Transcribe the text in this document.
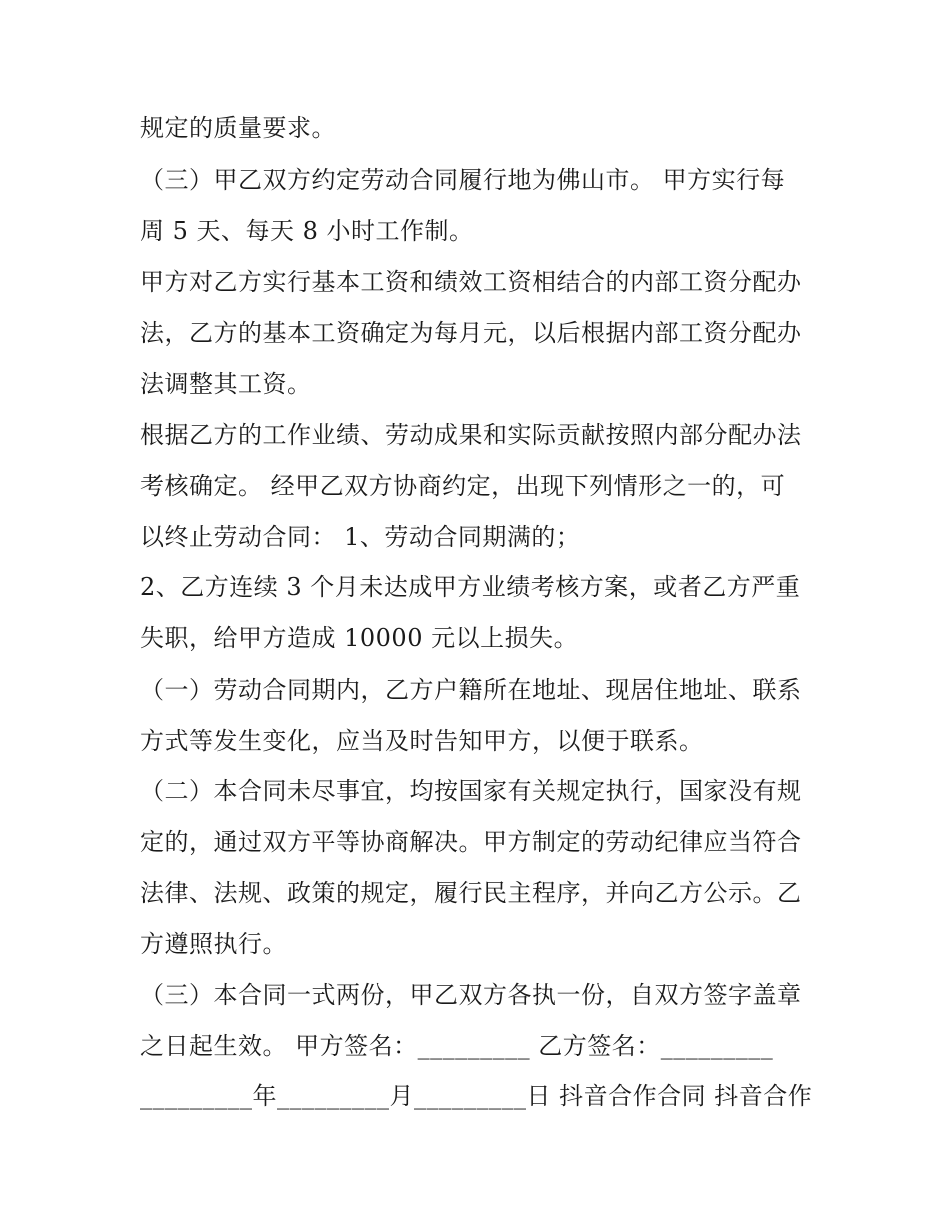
规定的质量要求。
（三）甲乙双方约定劳动合同履行地为佛山市。 甲方实行每
周 5 天、每天 8 小时工作制。
甲方对乙方实行基本工资和绩效工资相结合的内部工资分配办
法，乙方的基本工资确定为每月元，以后根据内部工资分配办
法调整其工资。
根据乙方的工作业绩、劳动成果和实际贡献按照内部分配办法
考核确定。 经甲乙双方协商约定，出现下列情形之一的，可
以终止劳动合同： 1、劳动合同期满的；
2、乙方连续 3 个月未达成甲方业绩考核方案，或者乙方严重
失职，给甲方造成 10000 元以上损失。
（一）劳动合同期内，乙方户籍所在地址、现居住地址、联系
方式等发生变化，应当及时告知甲方，以便于联系。
（二）本合同未尽事宜，均按国家有关规定执行，国家没有规
定的，通过双方平等协商解决。甲方制定的劳动纪律应当符合
法律、法规、政策的规定，履行民主程序，并向乙方公示。乙
方遵照执行。
（三）本合同一式两份，甲乙双方各执一份，自双方签字盖章
之日起生效。 甲方签名：_________ 乙方签名：_________
_________年_________月_________日 抖音合作合同 抖音合作
